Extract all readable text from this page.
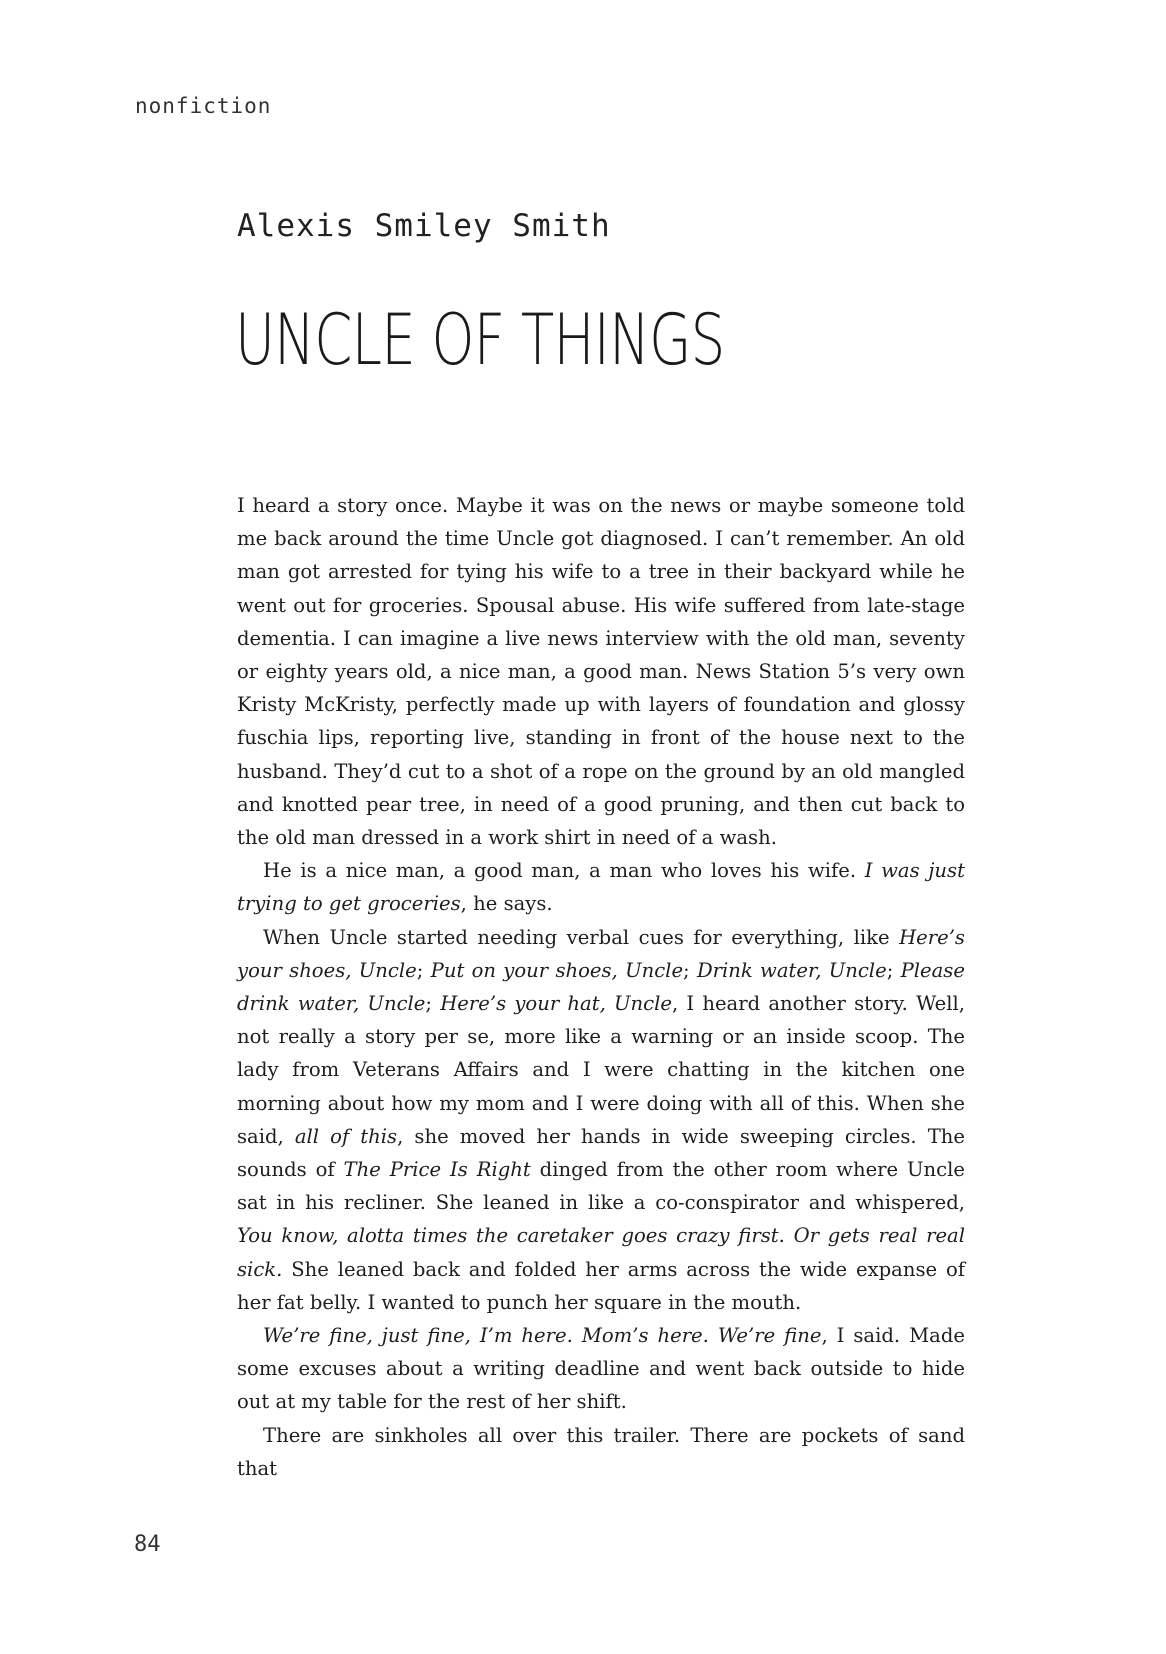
nonfiction
Alexis Smiley Smith
UNCLE OF THINGS

I heard a story once. Maybe it was on the news or maybe someone told me back around the time Uncle got diagnosed. I can’t remember. An old man got arrested for tying his wife to a tree in their backyard while he went out for groceries. Spousal abuse. His wife suffered from late-stage dementia. I can imagine a live news interview with the old man, seventy or eighty years old, a nice man, a good man. News Station 5’s very own Kristy McKristy, perfectly made up with layers of foundation and glossy fuschia lips, reporting live, standing in front of the house next to the husband. They’d cut to a shot of a rope on the ground by an old mangled and knotted pear tree, in need of a good pruning, and then cut back to the old man dressed in a work shirt in need of a wash.

He is a nice man, a good man, a man who loves his wife. I was just trying to get groceries, he says.

When Uncle started needing verbal cues for everything, like Here’s your shoes, Uncle; Put on your shoes, Uncle; Drink water, Uncle; Please drink water, Uncle; Here’s your hat, Uncle, I heard another story. Well, not really a story per se, more like a warning or an inside scoop. The lady from Veterans Affairs and I were chatting in the kitchen one morning about how my mom and I were doing with all of this. When she said, all of this, she moved her hands in wide sweeping circles. The sounds of The Price Is Right dinged from the other room where Uncle sat in his recliner. She leaned in like a co-conspirator and whispered, You know, alotta times the caretaker goes crazy first. Or gets real real sick. She leaned back and folded her arms across the wide expanse of her fat belly. I wanted to punch her square in the mouth.

We’re fine, just fine, I’m here. Mom’s here. We’re fine, I said. Made some excuses about a writing deadline and went back outside to hide out at my table for the rest of her shift.

There are sinkholes all over this trailer. There are pockets of sand that

84
